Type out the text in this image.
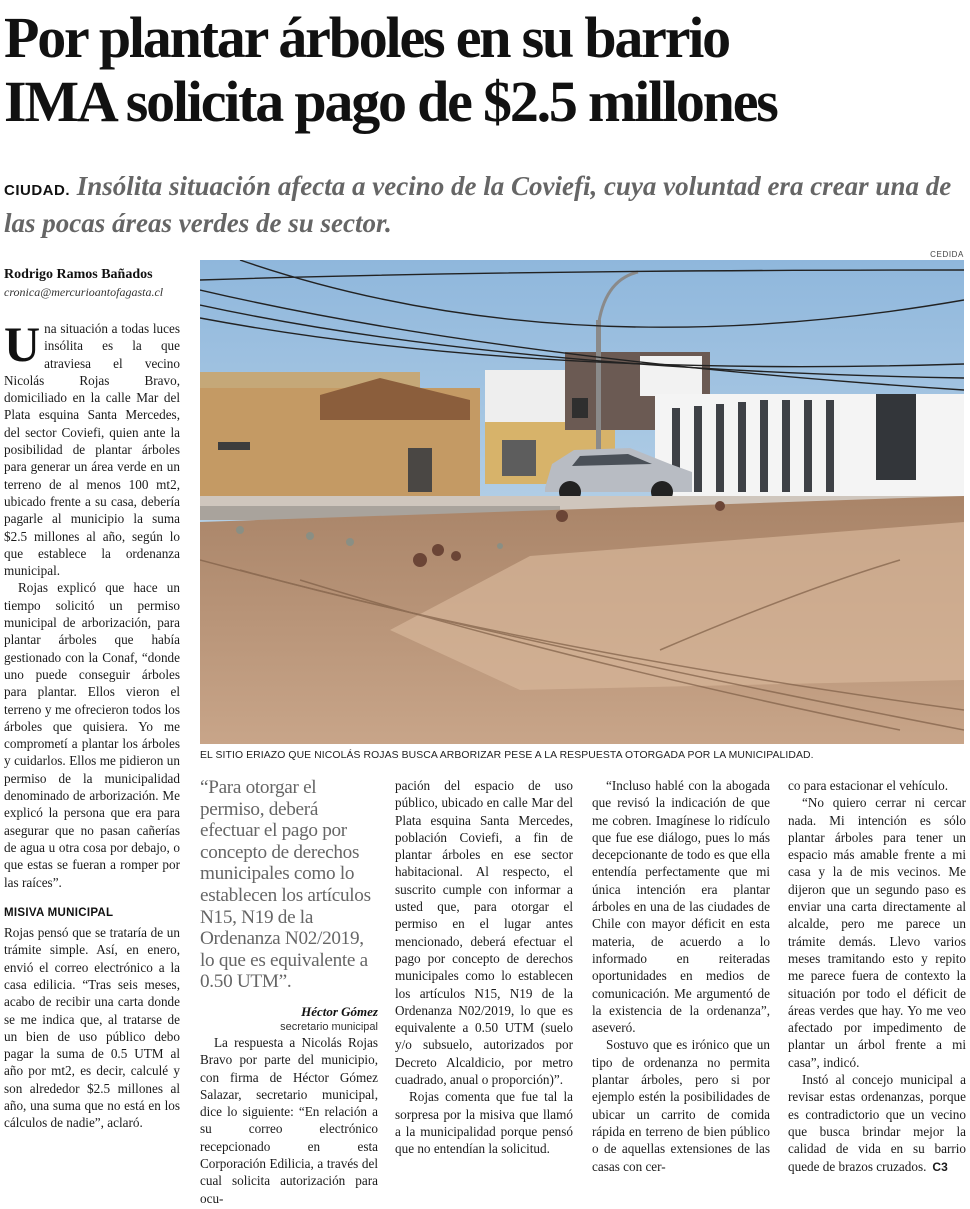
Por plantar árboles en su barrio
IMA solicita pago de $2.5 millones
CIUDAD. Insólita situación afecta a vecino de la Coviefi, cuya voluntad era crear una de las pocas áreas verdes de su sector.
Rodrigo Ramos Bañados
cronica@mercurioantofagasta.cl
CEDIDA
EL SITIO ERIAZO QUE NICOLÁS ROJAS BUSCA ARBORIZAR PESE A LA RESPUESTA OTORGADA POR LA MUNICIPALIDAD.
U na situación a todas luces insólita es la que atraviesa el vecino Nicolás Rojas Bravo, domiciliado en la calle Mar del Plata esquina Santa Mercedes, del sector Coviefi, quien ante la posibilidad de plantar árboles para generar un área verde en un terreno de al menos 100 mt2, ubicado frente a su casa, debería pagarle al municipio la suma $2.5 millones al año, según lo que establece la ordenanza municipal.

Rojas explicó que hace un tiempo solicitó un permiso municipal de arborización, para plantar árboles que había gestionado con la Conaf, “donde uno puede conseguir árboles para plantar. Ellos vieron el terreno y me ofrecieron todos los árboles que quisiera. Yo me comprometí a plantar los árboles y cuidarlos. Ellos me pidieron un permiso de la municipalidad denominado de arborización. Me explicó la persona que era para asegurar que no pasan cañerías de agua u otra cosa por debajo, o que estas se fueran a romper por las raíces”.

MISIVA MUNICIPAL

Rojas pensó que se trataría de un trámite simple. Así, en enero, envió el correo electrónico a la casa edilicia. “Tras seis meses, acabo de recibir una carta donde se me indica que, al tratarse de un bien de uso público debo pagar la suma de 0.5 UTM al año por mt2, es decir, calculé y son alrededor $2.5 millones al año, una suma que no está en los cálculos de nadie”, aclaró.

“Para otorgar el permiso, deberá efectuar el pago por concepto de derechos municipales como lo establecen los artículos N15, N19 de la Ordenanza N02/2019, lo que es equivalente a 0.50 UTM”.
Héctor Gómez
secretario municipal

La respuesta a Nicolás Rojas Bravo por parte del municipio, con firma de Héctor Gómez Salazar, secretario municipal, dice lo siguiente: “En relación a su correo electrónico recepcionado en esta Corporación Edilicia, a través del cual solicita autorización para ocu-

pación del espacio de uso público, ubicado en calle Mar del Plata esquina Santa Mercedes, población Coviefi, a fin de plantar árboles en ese sector habitacional. Al respecto, el suscrito cumple con informar a usted que, para otorgar el permiso en el lugar antes mencionado, deberá efectuar el pago por concepto de derechos municipales como lo establecen los artículos N15, N19 de la Ordenanza N02/2019, lo que es equivalente a 0.50 UTM (suelo y/o subsuelo, autorizados por Decreto Alcaldicio, por metro cuadrado, anual o proporción)”.

Rojas comenta que fue tal la sorpresa por la misiva que llamó a la municipalidad porque pensó que no entendían la solicitud.

“Incluso hablé con la abogada que revisó la indicación de que me cobren. Imagínese lo ridículo que fue ese diálogo, pues lo más decepcionante de todo es que ella entendía perfectamente que mi única intención era plantar árboles en una de las ciudades de Chile con mayor déficit en esta materia, de acuerdo a lo informado en reiteradas oportunidades en medios de comunicación. Me argumentó de la existencia de la ordenanza”, aseveró.

Sostuvo que es irónico que un tipo de ordenanza no permita plantar árboles, pero si por ejemplo estén la posibilidades de ubicar un carrito de comida rápida en terreno de bien público o de aquellas extensiones de las casas con cer-

co para estacionar el vehículo.

“No quiero cerrar ni cercar nada. Mi intención es sólo plantar árboles para tener un espacio más amable frente a mi casa y la de mis vecinos. Me dijeron que un segundo paso es enviar una carta directamente al alcalde, pero me parece un trámite demás. Llevo varios meses tramitando esto y repito me parece fuera de contexto la situación por todo el déficit de áreas verdes que hay. Yo me veo afectado por impedimento de plantar un árbol frente a mi casa”, indicó.

Instó al concejo municipal a revisar estas ordenanzas, porque es contradictorio que un vecino que busca brindar mejor la calidad de vida en su barrio quede de brazos cruzados. C3
